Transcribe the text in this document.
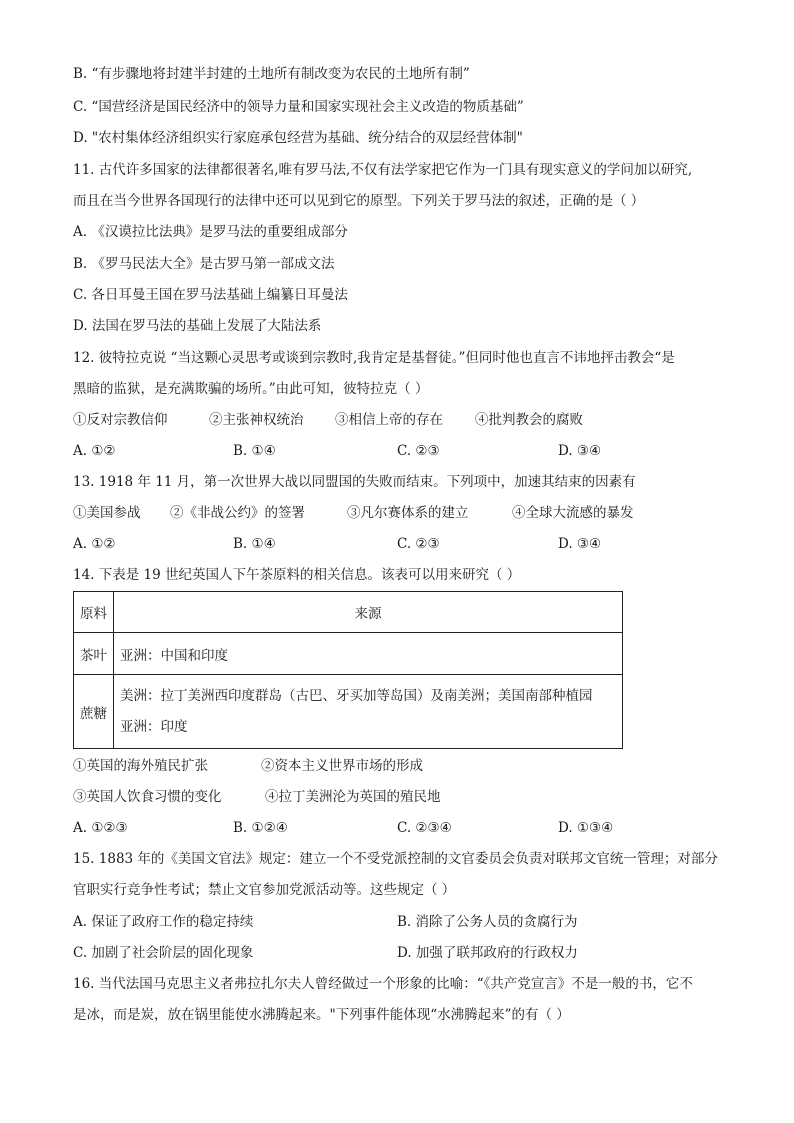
B. “有步骤地将封建半封建的土地所有制改变为农民的土地所有制”
C. “国营经济是国民经济中的领导力量和国家实现社会主义改造的物质基础”
D. "农村集体经济组织实行家庭承包经营为基础、统分结合的双层经营体制"
11. 古代许多国家的法律都很著名,唯有罗马法,不仅有法学家把它作为一门具有现实意义的学问加以研究,
而且在当今世界各国现行的法律中还可以见到它的原型。下列关于罗马法的叙述，正确的是（ ）
A. 《汉谟拉比法典》是罗马法的重要组成部分
B. 《罗马民法大全》是古罗马第一部成文法
C. 各日耳曼王国在罗马法基础上编纂日耳曼法
D. 法国在罗马法的基础上发展了大陆法系
12. 彼特拉克说 “当这颗心灵思考或谈到宗教时,我肯定是基督徒。”但同时他也直言不讳地抨击教会“是
黑暗的监狱，是充满欺骗的场所。”由此可知，彼特拉克（ ）
①反对宗教信仰	②主张神权统治 ③相信上帝的存在 ④批判教会的腐败
A. ①②	B. ①④	C. ②③	D. ③④
13. 1918 年 11 月，第一次世界大战以同盟国的失败而结束。下列项中，加速其结束的因素有
①美国参战 ②《非战公约》的签署	③凡尔赛体系的建立	④全球大流感的暴发
A. ①②	B. ①④	C. ②③	D. ③④
14. 下表是 19 世纪英国人下午茶原料的相关信息。该表可以用来研究（ ）
原料	来源
茶叶	亚洲：中国和印度
蔗糖	美洲：拉丁美洲西印度群岛（古巴、牙买加等岛国）及南美洲；美国南部种植园
亚洲：印度
①英国的海外殖民扩张	②资本主义世界市场的形成
③英国人饮食习惯的变化	④拉丁美洲沦为英国的殖民地
A. ①②③	B. ①②④	C. ②③④	D. ①③④
15. 1883 年的《美国文官法》规定：建立一个不受党派控制的文官委员会负责对联邦文官统一管理；对部分
官职实行竞争性考试；禁止文官参加党派活动等。这些规定（ ）
A. 保证了政府工作的稳定持续	B. 消除了公务人员的贪腐行为
C. 加剧了社会阶层的固化现象	D. 加强了联邦政府的行政权力
16. 当代法国马克思主义者弗拉扎尔夫人曾经做过一个形象的比喻：“《共产党宣言》不是一般的书，它不
是冰，而是炭，放在锅里能使水沸腾起来。"下列事件能体现“水沸腾起来”的有（ ）
